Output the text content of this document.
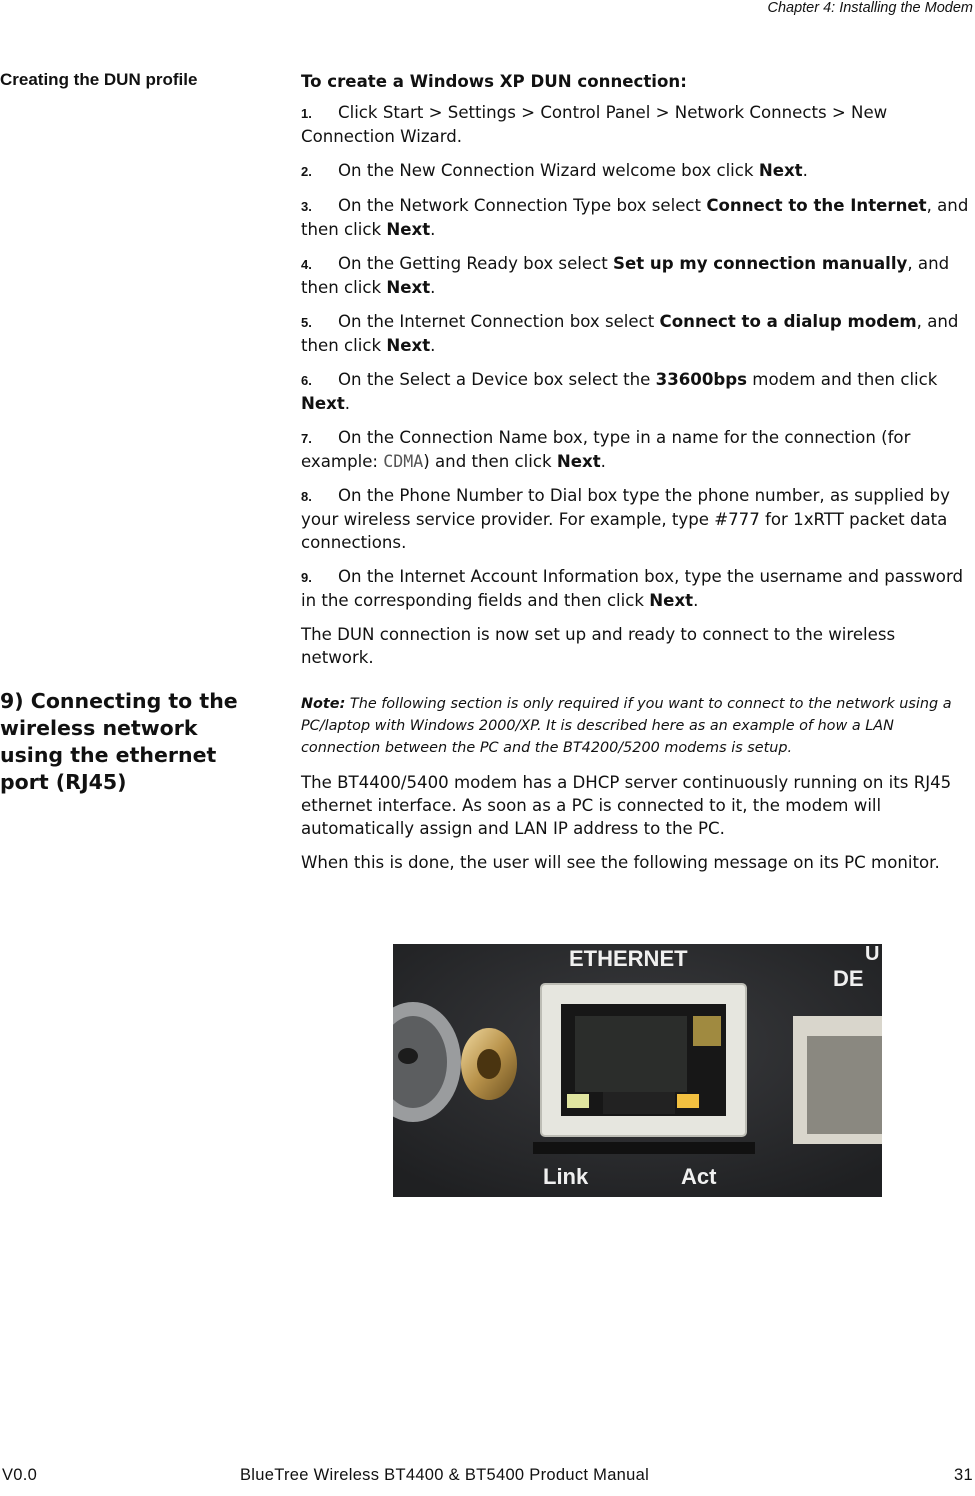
Chapter 4: Installing the Modem
Creating the DUN profile	To create a Windows XP DUN connection:
1. Click Start > Settings > Control Panel > Network Connects > New Connection Wizard.
2. On the New Connection Wizard welcome box click Next.
3. On the Network Connection Type box select Connect to the Internet, and then click Next.
4. On the Getting Ready box select Set up my connection manually, and then click Next.
5. On the Internet Connection box select Connect to a dialup modem, and then click Next.
6. On the Select a Device box select the 33600bps modem and then click Next.
7. On the Connection Name box, type in a name for the connection (for example: CDMA) and then click Next.
8. On the Phone Number to Dial box type the phone number, as supplied by your wireless service provider. For example, type #777 for 1xRTT packet data connections.
9. On the Internet Account Information box, type the username and password in the corresponding fields and then click Next.
The DUN connection is now set up and ready to connect to the wireless network.
9) Connecting to the wireless network using the ethernet port (RJ45)
Note: The following section is only required if you want to connect to the network using a PC/laptop with Windows 2000/XP. It is described here as an example of how a LAN connection between the PC and the BT4200/5200 modems is setup.
The BT4400/5400 modem has a DHCP server continuously running on its RJ45 ethernet interface. As soon as a PC is connected to it, the modem will automatically assign and LAN IP address to the PC.
When this is done, the user will see the following message on its PC monitor.
ETHERNET	U
DE
Link	Act
V0.0	BlueTree Wireless BT4400 & BT5400 Product Manual	31
